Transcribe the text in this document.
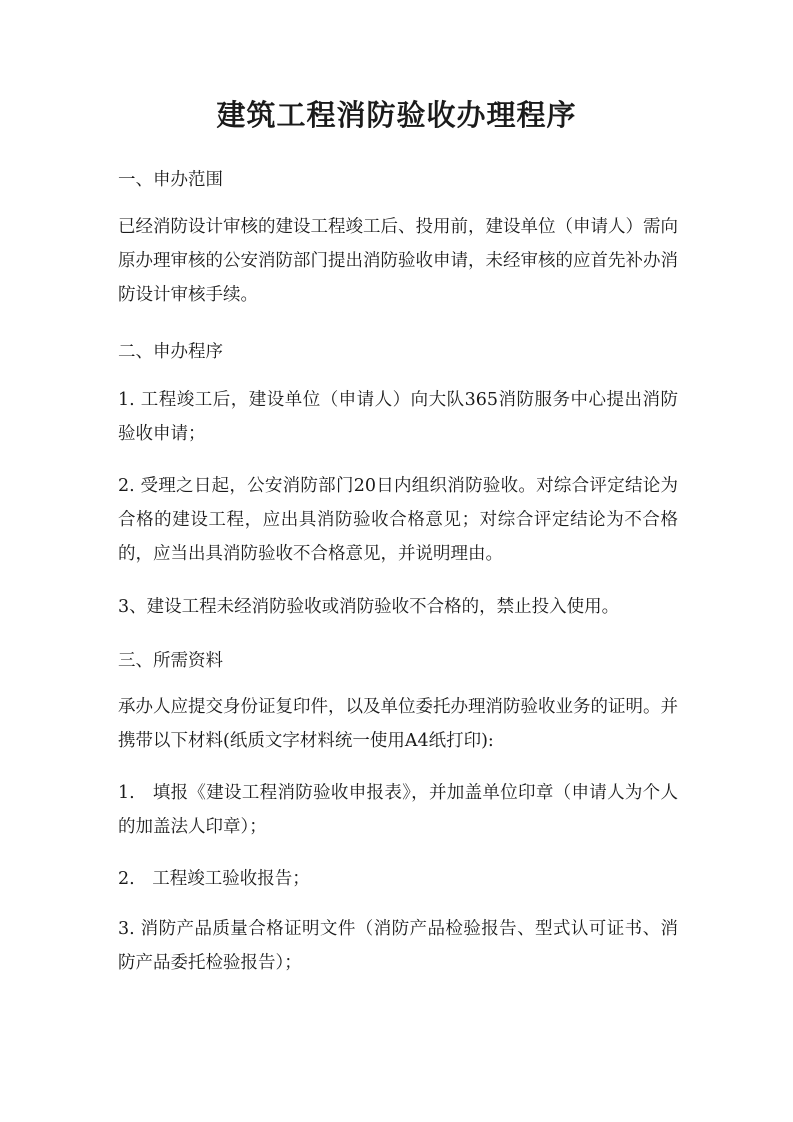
建筑工程消防验收办理程序

一、申办范围

已经消防设计审核的建设工程竣工后、投用前，建设单位（申请人）需向原办理审核的公安消防部门提出消防验收申请，未经审核的应首先补办消防设计审核手续。

二、申办程序

1. 工程竣工后，建设单位（申请人）向大队365消防服务中心提出消防验收申请；

2. 受理之日起，公安消防部门20日内组织消防验收。对综合评定结论为合格的建设工程，应出具消防验收合格意见；对综合评定结论为不合格的，应当出具消防验收不合格意见，并说明理由。

3、建设工程未经消防验收或消防验收不合格的，禁止投入使用。

三、所需资料

承办人应提交身份证复印件，以及单位委托办理消防验收业务的证明。并携带以下材料(纸质文字材料统一使用A4纸打印):

1.　填报《建设工程消防验收申报表》，并加盖单位印章（申请人为个人的加盖法人印章）；

2.　工程竣工验收报告；

3. 消防产品质量合格证明文件（消防产品检验报告、型式认可证书、消防产品委托检验报告）；
